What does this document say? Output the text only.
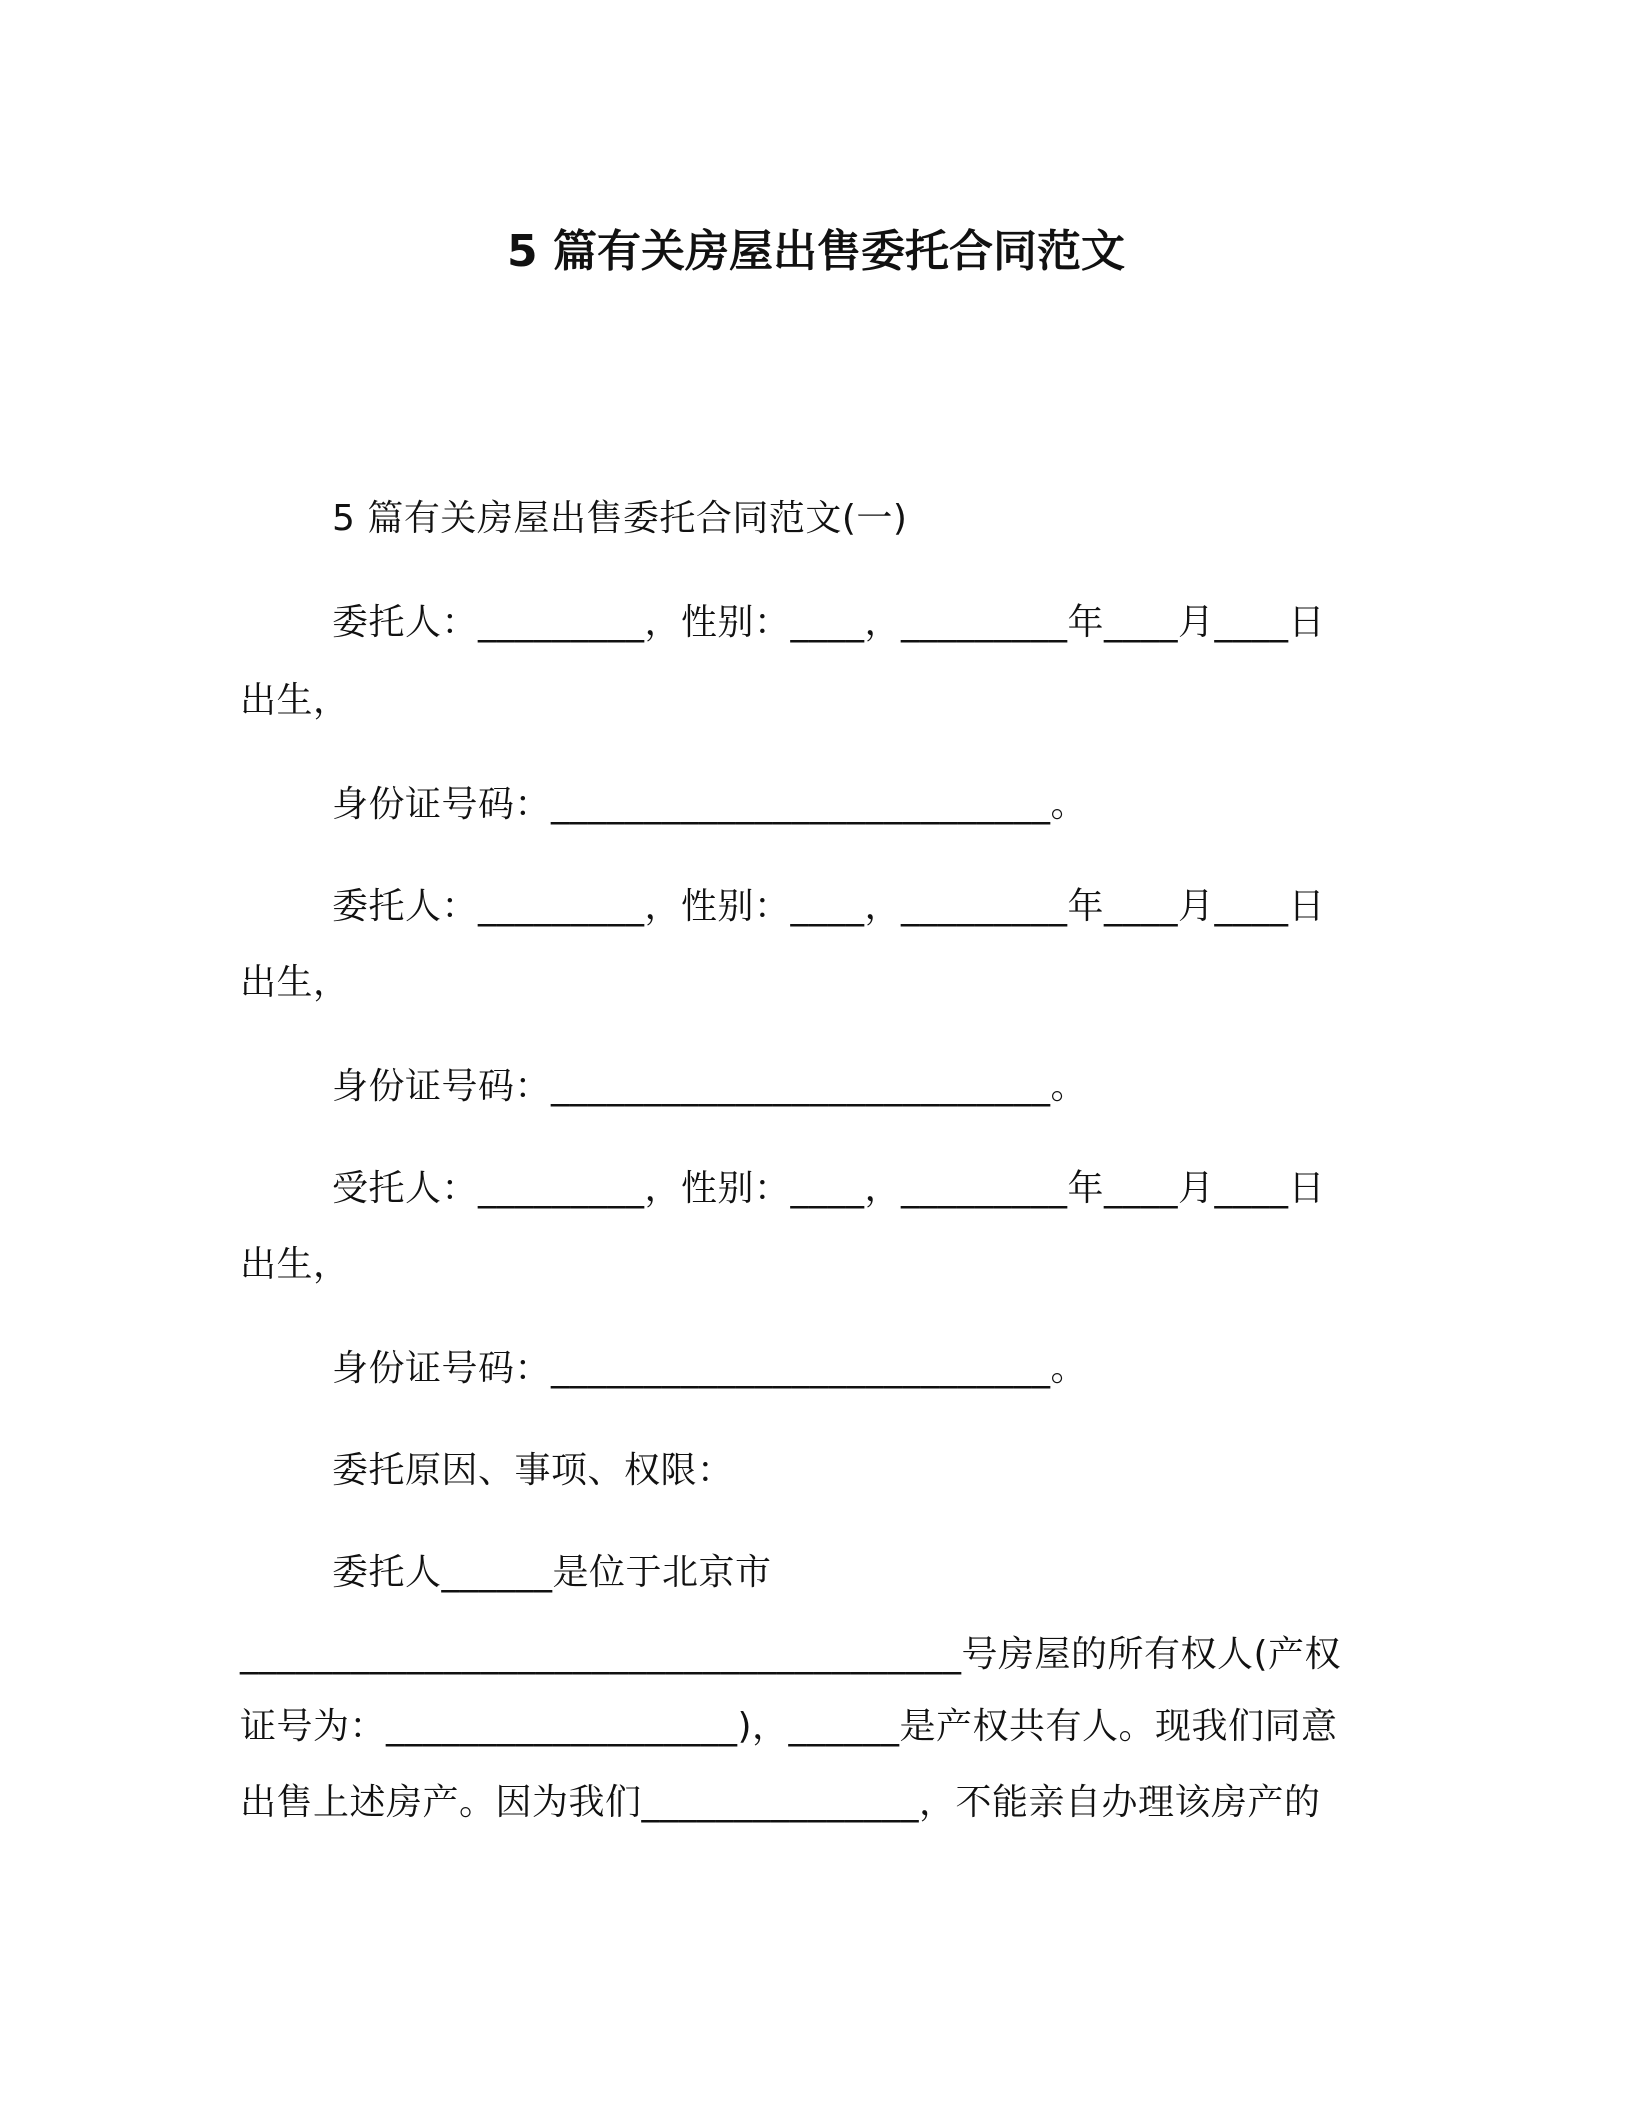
5 篇有关房屋出售委托合同范文
5 篇有关房屋出售委托合同范文(一)
委托人：_________，性别：____，_________年____月____日
出生，
身份证号码：___________________________。
委托人：_________，性别：____，_________年____月____日
出生，
身份证号码：___________________________。
受托人：_________，性别：____，_________年____月____日
出生，
身份证号码：___________________________。
委托原因、事项、权限：
委托人______是位于北京市
_______________________________________号房屋的所有权人(产权
证号为：___________________)，______是产权共有人。现我们同意
出售上述房产。因为我们_______________，不能亲自办理该房产的
